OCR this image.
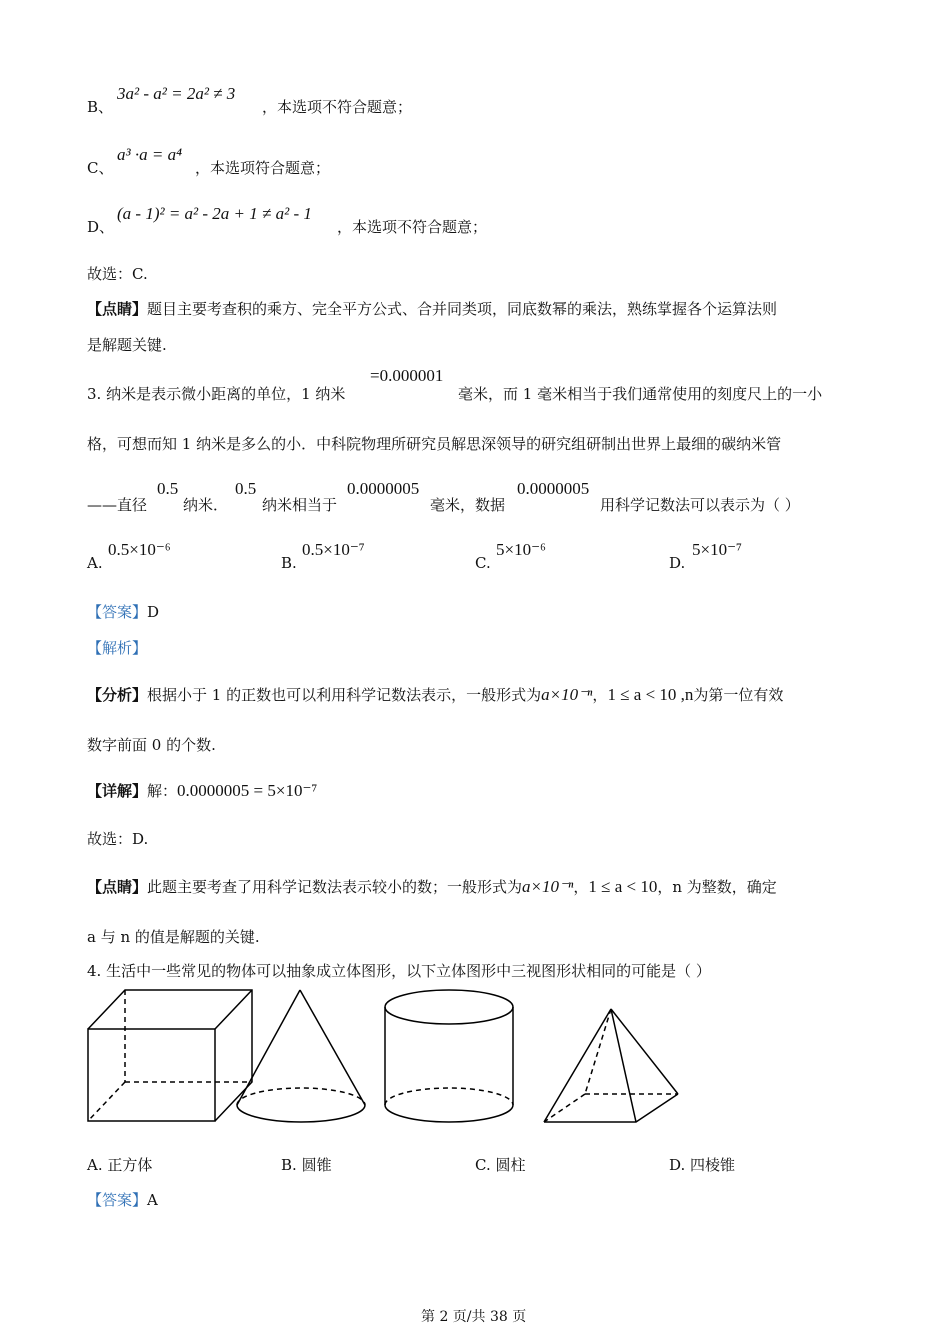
B、
3a² - a² = 2a² ≠ 3
，本选项不符合题意；
C、
a³ ·a = a⁴
，本选项符合题意；
D、
(a - 1)² = a² - 2a + 1 ≠ a² - 1
，本选项不符合题意；
故选：C.
【点睛】题目主要考查积的乘方、完全平方公式、合并同类项，同底数幂的乘法，熟练掌握各个运算法则
是解题关键.
3. 纳米是表示微小距离的单位，1 纳米
=0.000001
毫米，而 1 毫米相当于我们通常使用的刻度尺上的一小
格，可想而知 1 纳米是多么的小．中科院物理所研究员解思深领导的研究组研制出世界上最细的碳纳米管
——直径
0.5
纳米．
0.5
纳米相当于
0.0000005
毫米，数据
0.0000005
用科学记数法可以表示为（ ）
A.
0.5×10⁻⁶
B.
0.5×10⁻⁷
C.
5×10⁻⁶
D.
5×10⁻⁷
【答案】D
【解析】
【分析】根据小于 1 的正数也可以利用科学记数法表示，一般形式为a×10⁻ⁿ，1 ≤ a < 10 ,n为第一位有效
数字前面 0 的个数.
【详解】解：0.0000005 = 5×10⁻⁷
故选：D.
【点睛】此题主要考查了用科学记数法表示较小的数；一般形式为a×10⁻ⁿ，1 ≤ a < 10，n 为整数，确定
a 与 n 的值是解题的关键.
4. 生活中一些常见的物体可以抽象成立体图形，以下立体图形中三视图形状相同的可能是（ ）
A. 正方体	B. 圆锥	C. 圆柱	D. 四棱锥
【答案】A
第 2 页/共 38 页
